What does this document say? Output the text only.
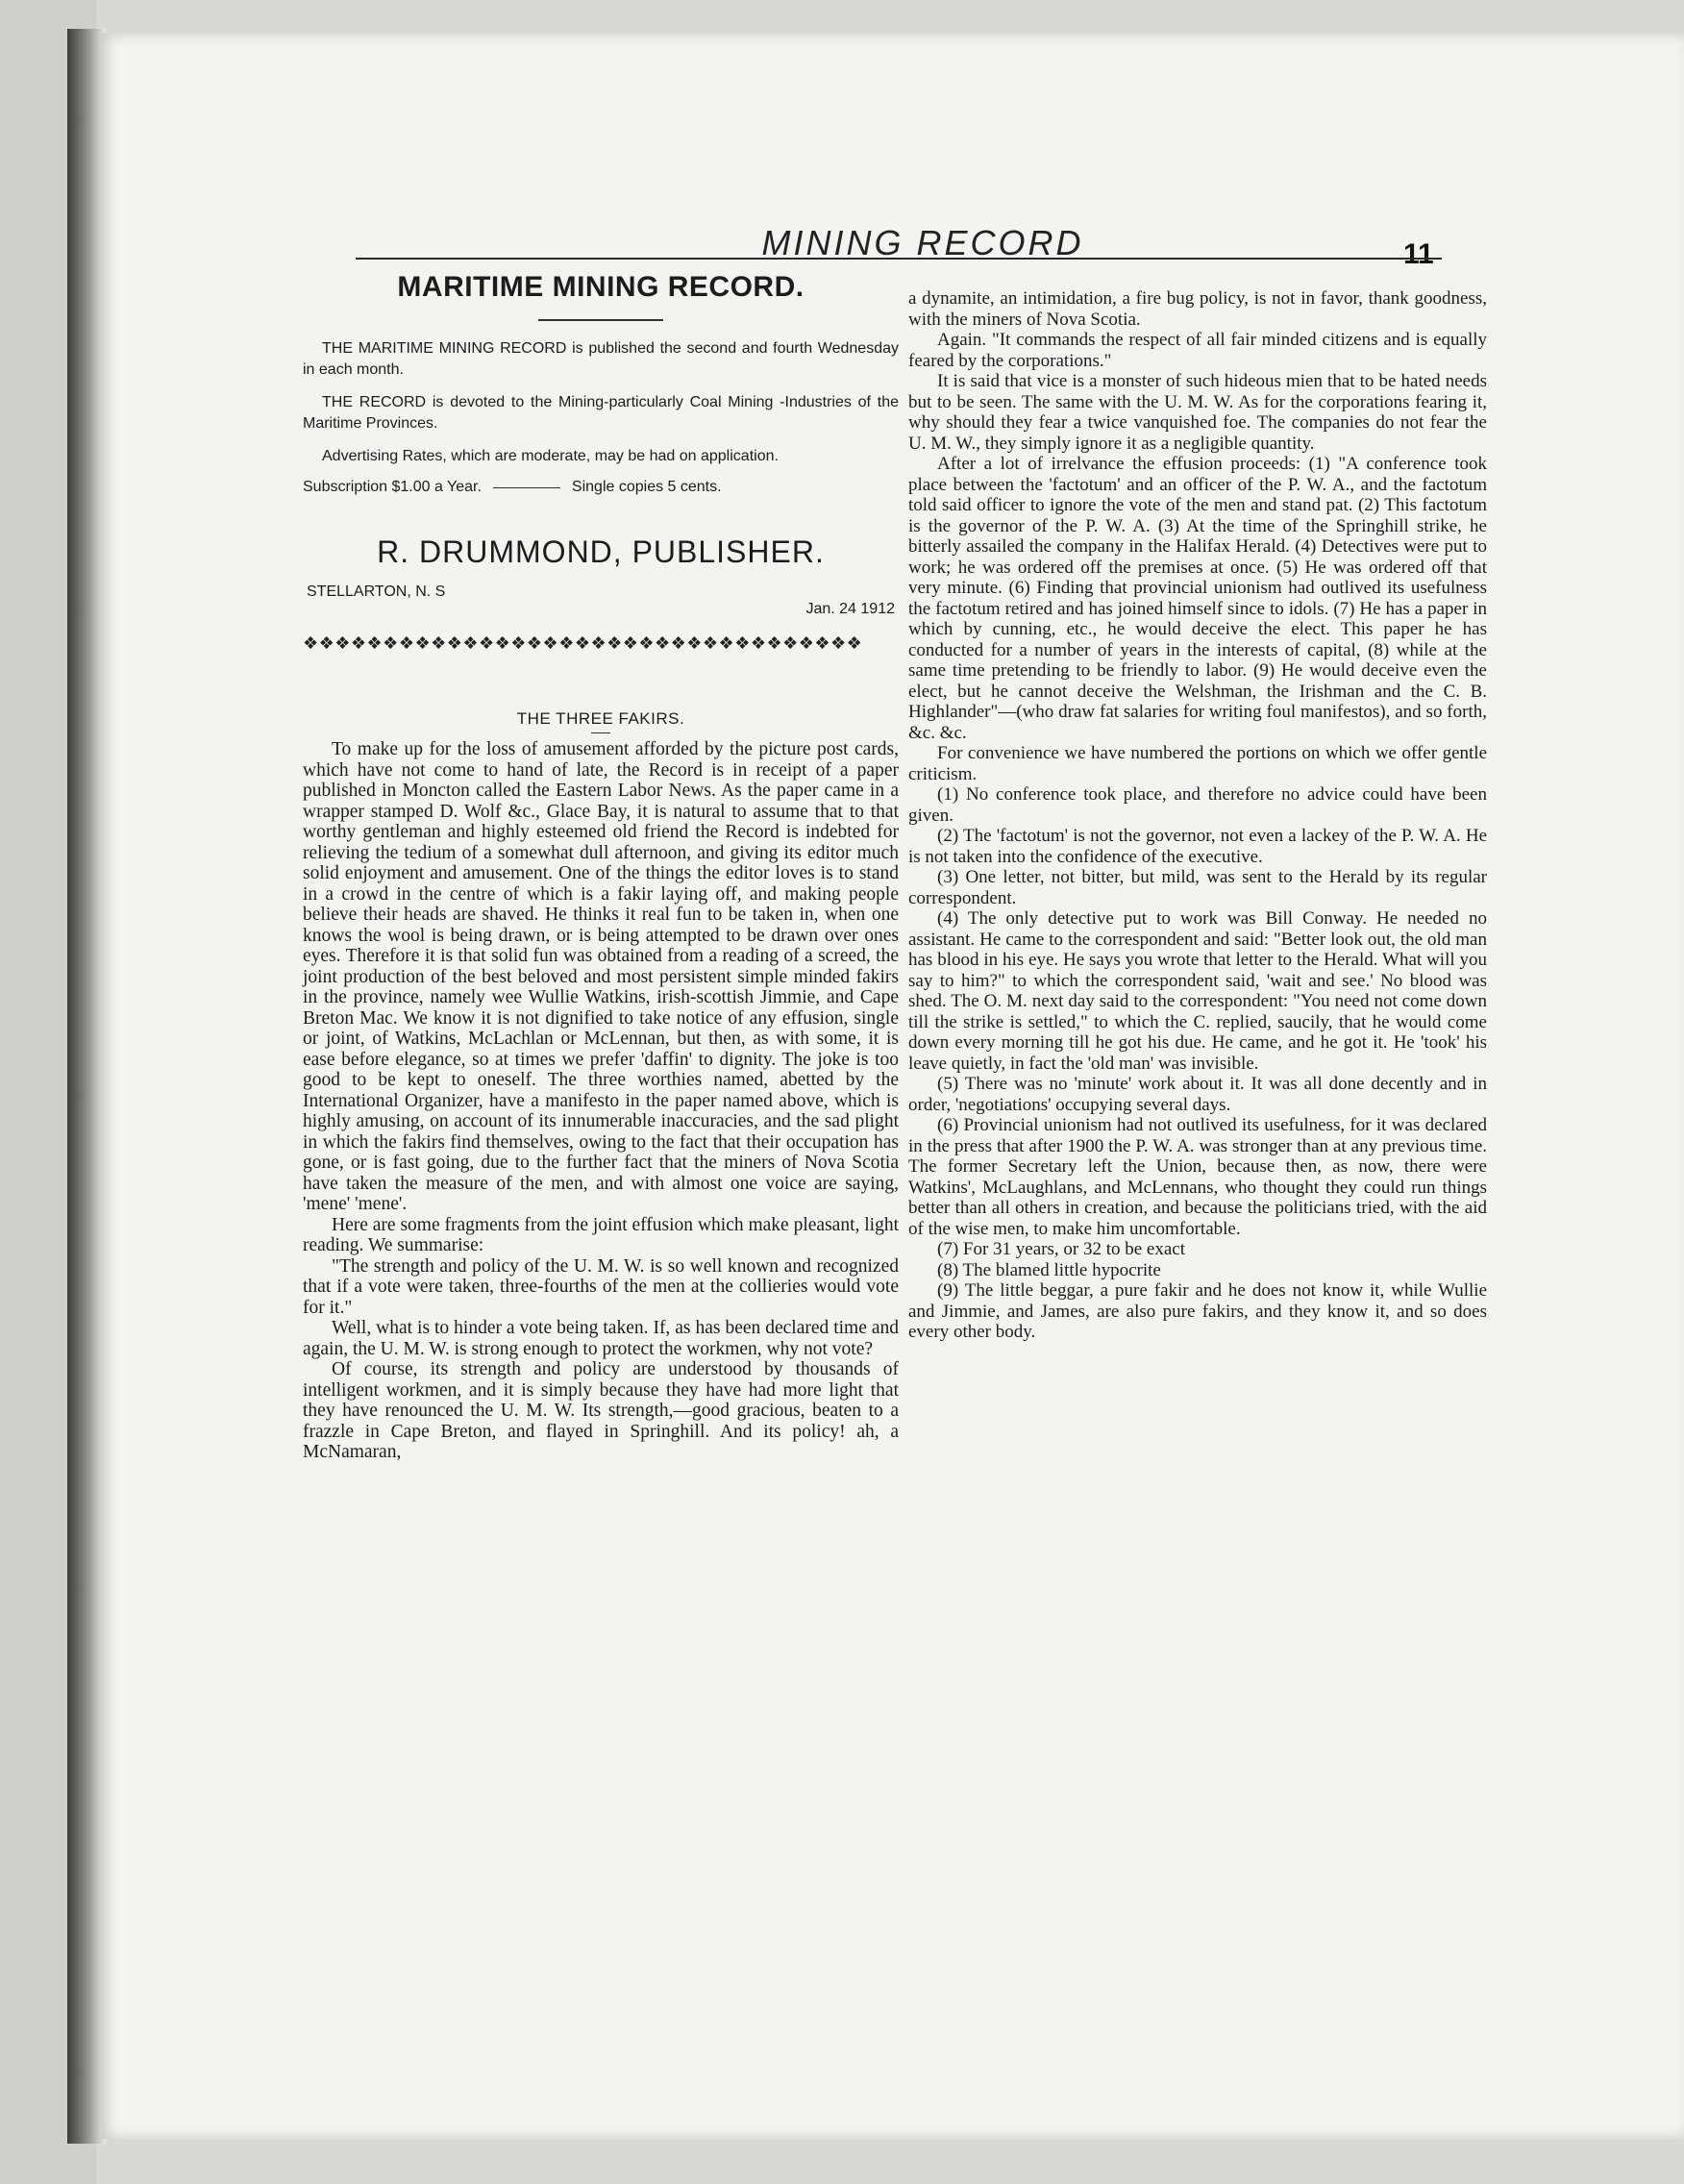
MINING RECORD	11
MARITIME MINING RECORD.

THE MARITIME MINING RECORD is published the second and fourth Wednesday in each month.

THE RECORD is devoted to the Mining-particularly Coal Mining -Industries of the Maritime Provinces.

Advertising Rates, which are moderate, may be had on application.

Subscription $1.00 a Year.	Single copies 5 cents.
R. DRUMMOND, PUBLISHER.
STELLARTON, N. S
Jan. 24 1912
❖❖❖❖❖❖❖❖❖❖❖❖❖❖❖❖❖❖❖❖❖❖❖❖❖❖❖❖❖❖❖❖❖❖❖
THE THREE FAKIRS.

To make up for the loss of amusement afforded by the picture post cards, which have not come to hand of late, the Record is in receipt of a paper published in Moncton called the Eastern Labor News. As the paper came in a wrapper stamped D. Wolf &c., Glace Bay, it is natural to assume that to that worthy gentleman and highly esteemed old friend the Record is indebted for relieving the tedium of a somewhat dull afternoon, and giving its editor much solid enjoyment and amusement. One of the things the editor loves is to stand in a crowd in the centre of which is a fakir laying off, and making people believe their heads are shaved. He thinks it real fun to be taken in, when one knows the wool is being drawn, or is being attempted to be drawn over ones eyes. Therefore it is that solid fun was obtained from a reading of a screed, the joint production of the best beloved and most persistent simple minded fakirs in the province, namely wee Wullie Watkins, irish-scottish Jimmie, and Cape Breton Mac. We know it is not dignified to take notice of any effusion, single or joint, of Watkins, McLachlan or McLennan, but then, as with some, it is ease before elegance, so at times we prefer 'daffin' to dignity. The joke is too good to be kept to oneself. The three worthies named, abetted by the International Organizer, have a manifesto in the paper named above, which is highly amusing, on account of its innumerable inaccuracies, and the sad plight in which the fakirs find themselves, owing to the fact that their occupation has gone, or is fast going, due to the further fact that the miners of Nova Scotia have taken the measure of the men, and with almost one voice are saying, 'mene' 'mene'.

Here are some fragments from the joint effusion which make pleasant, light reading. We summarise:

"The strength and policy of the U. M. W. is so well known and recognized that if a vote were taken, three-fourths of the men at the collieries would vote for it."

Well, what is to hinder a vote being taken. If, as has been declared time and again, the U. M. W. is strong enough to protect the workmen, why not vote?

Of course, its strength and policy are understood by thousands of intelligent workmen, and it is simply because they have had more light that they have renounced the U. M. W. Its strength,—good gracious, beaten to a frazzle in Cape Breton, and flayed in Springhill. And its policy! ah, a McNamaran,

a dynamite, an intimidation, a fire bug policy, is not in favor, thank goodness, with the miners of Nova Scotia.

Again. "It commands the respect of all fair minded citizens and is equally feared by the corporations."

It is said that vice is a monster of such hideous mien that to be hated needs but to be seen. The same with the U. M. W. As for the corporations fearing it, why should they fear a twice vanquished foe. The companies do not fear the U. M. W., they simply ignore it as a negligible quantity.

After a lot of irrelvance the effusion proceeds: (1) "A conference took place between the 'factotum' and an officer of the P. W. A., and the factotum told said officer to ignore the vote of the men and stand pat. (2) This factotum is the governor of the P. W. A. (3) At the time of the Springhill strike, he bitterly assailed the company in the Halifax Herald. (4) Detectives were put to work; he was ordered off the premises at once. (5) He was ordered off that very minute. (6) Finding that provincial unionism had outlived its usefulness the factotum retired and has joined himself since to idols. (7) He has a paper in which by cunning, etc., he would deceive the elect. This paper he has conducted for a number of years in the interests of capital, (8) while at the same time pretending to be friendly to labor. (9) He would deceive even the elect, but he cannot deceive the Welshman, the Irishman and the C. B. Highlander"—(who draw fat salaries for writing foul manifestos), and so forth, &c. &c.

For convenience we have numbered the portions on which we offer gentle criticism.

(1) No conference took place, and therefore no advice could have been given.

(2) The 'factotum' is not the governor, not even a lackey of the P. W. A. He is not taken into the confidence of the executive.

(3) One letter, not bitter, but mild, was sent to the Herald by its regular correspondent.

(4) The only detective put to work was Bill Conway. He needed no assistant. He came to the correspondent and said: "Better look out, the old man has blood in his eye. He says you wrote that letter to the Herald. What will you say to him?" to which the correspondent said, 'wait and see.' No blood was shed. The O. M. next day said to the correspondent: "You need not come down till the strike is settled," to which the C. replied, saucily, that he would come down every morning till he got his due. He came, and he got it. He 'took' his leave quietly, in fact the 'old man' was invisible.

(5) There was no 'minute' work about it. It was all done decently and in order, 'negotiations' occupying several days.

(6) Provincial unionism had not outlived its usefulness, for it was declared in the press that after 1900 the P. W. A. was stronger than at any previous time. The former Secretary left the Union, because then, as now, there were Watkins', McLaughlans, and McLennans, who thought they could run things better than all others in creation, and because the politicians tried, with the aid of the wise men, to make him uncomfortable.

(7) For 31 years, or 32 to be exact

(8) The blamed little hypocrite

(9) The little beggar, a pure fakir and he does not know it, while Wullie and Jimmie, and James, are also pure fakirs, and they know it, and so does every other body.
